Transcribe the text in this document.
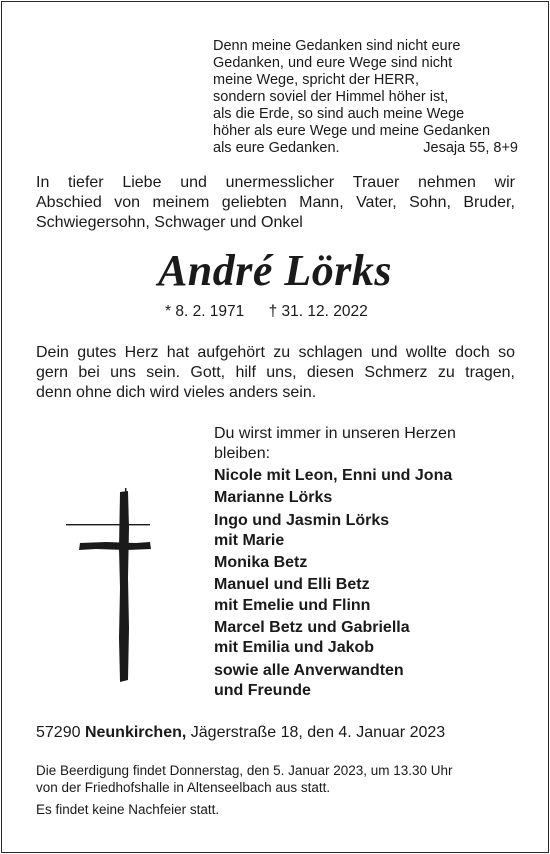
Denn meine Gedanken sind nicht eure
Gedanken, und eure Wege sind nicht
meine Wege, spricht der HERR,
sondern soviel der Himmel höher ist,
als die Erde, so sind auch meine Wege
höher als eure Wege und meine Gedanken
als eure Gedanken.	Jesaja 55, 8+9
In tiefer Liebe und unermesslicher Trauer nehmen wir
Abschied von meinem geliebten Mann, Vater, Sohn, Bruder,
Schwiegersohn, Schwager und Onkel
André Lörks
* 8. 2. 1971 † 31. 12. 2022
Dein gutes Herz hat aufgehört zu schlagen und wollte doch so
gern bei uns sein. Gott, hilf uns, diesen Schmerz zu tragen,
denn ohne dich wird vieles anders sein.
Du wirst immer in unseren Herzen
bleiben:
Nicole mit Leon, Enni und Jona
Marianne Lörks
Ingo und Jasmin Lörks
mit Marie
Monika Betz
Manuel und Elli Betz
mit Emelie und Flinn
Marcel Betz und Gabriella
mit Emilia und Jakob
sowie alle Anverwandten
und Freunde
57290 Neunkirchen, Jägerstraße 18, den 4. Januar 2023
Die Beerdigung findet Donnerstag, den 5. Januar 2023, um 13.30 Uhr
von der Friedhofshalle in Altenseelbach aus statt.
Es findet keine Nachfeier statt.
